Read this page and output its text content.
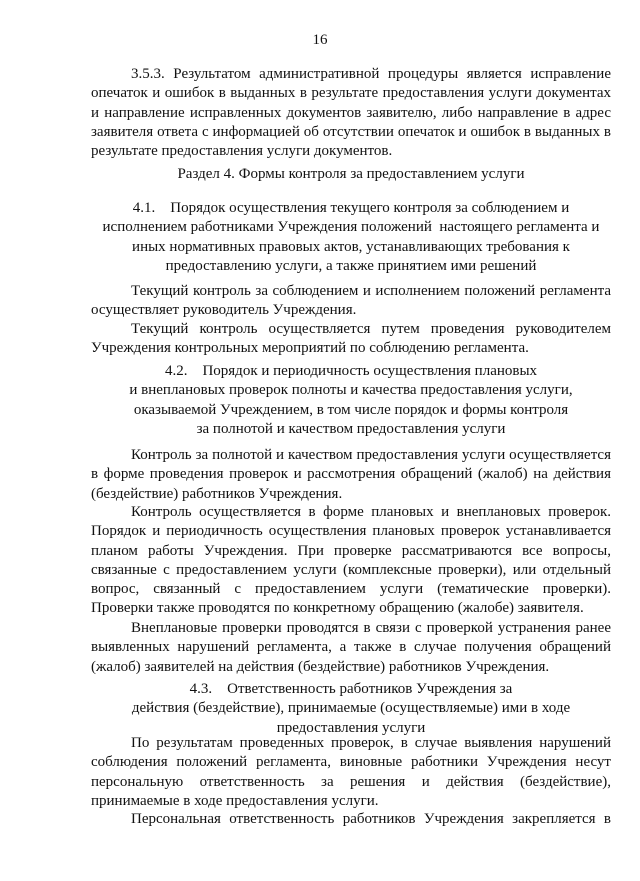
16
3.5.3. Результатом административной процедуры является исправление
опечаток и ошибок в выданных в результате предоставления услуги документах
и направление исправленных документов заявителю, либо направление в адрес
заявителя ответа с информацией об отсутствии опечаток и ошибок в выданных в
результате предоставления услуги документов.
Раздел 4. Формы контроля за предоставлением услуги
4.1.    Порядок осуществления текущего контроля за соблюдением и
исполнением работниками Учреждения положений  настоящего регламента и
иных нормативных правовых актов, устанавливающих требования к
предоставлению услуги, а также принятием ими решений
Текущий контроль за соблюдением и исполнением положений регламента
осуществляет руководитель Учреждения.
Текущий контроль осуществляется путем проведения руководителем
Учреждения контрольных мероприятий по соблюдению регламента.
4.2.    Порядок и периодичность осуществления плановых
и внеплановых проверок полноты и качества предоставления услуги,
оказываемой Учреждением, в том числе порядок и формы контроля
за полнотой и качеством предоставления услуги
Контроль за полнотой и качеством предоставления услуги осуществляется
в форме проведения проверок и рассмотрения обращений (жалоб) на действия
(бездействие) работников Учреждения.
Контроль осуществляется в форме плановых и внеплановых проверок.
Порядок и периодичность осуществления плановых проверок устанавливается
планом работы Учреждения. При проверке рассматриваются все вопросы,
связанные с предоставлением услуги (комплексные проверки), или отдельный
вопрос, связанный с предоставлением услуги (тематические проверки).
Проверки также проводятся по конкретному обращению (жалобе) заявителя.
Внеплановые проверки проводятся в связи с проверкой устранения ранее
выявленных нарушений регламента, а также в случае получения обращений
(жалоб) заявителей на действия (бездействие) работников Учреждения.
4.3.    Ответственность работников Учреждения за
действия (бездействие), принимаемые (осуществляемые) ими в ходе
предоставления услуги
По результатам проведенных проверок, в случае выявления нарушений
соблюдения положений регламента, виновные работники Учреждения несут
персональную ответственность за решения и действия (бездействие),
принимаемые в ходе предоставления услуги.
Персональная ответственность работников Учреждения закрепляется в
